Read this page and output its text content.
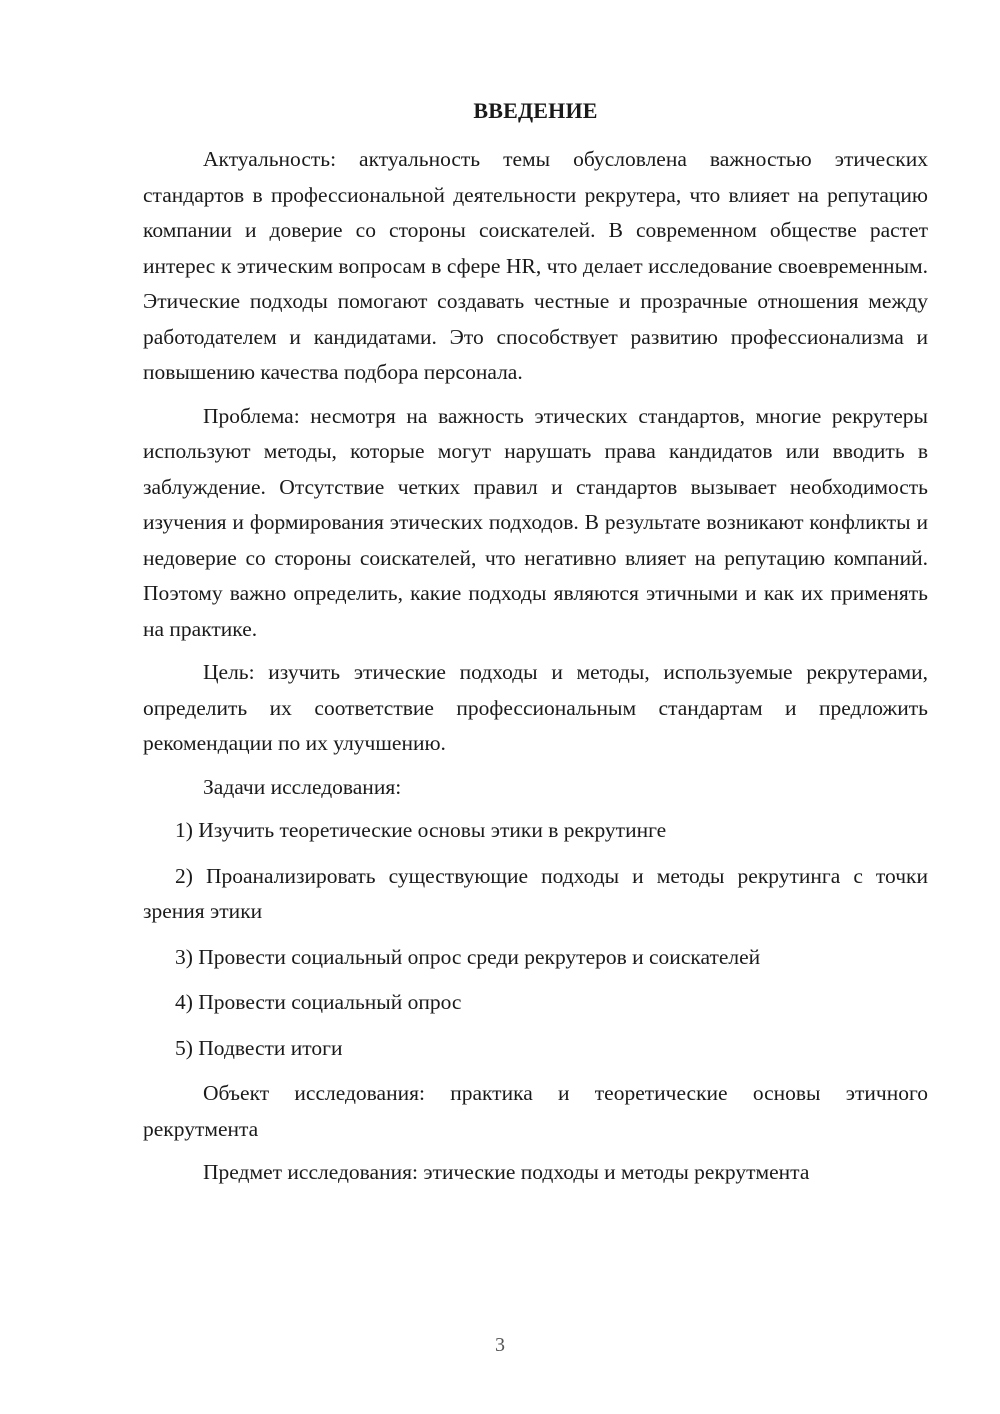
ВВЕДЕНИЕ

Актуальность: актуальность темы обусловлена важностью этических стандартов в профессиональной деятельности рекрутера, что влияет на репутацию компании и доверие со стороны соискателей. В современном обществе растет интерес к этическим вопросам в сфере HR, что делает исследование своевременным. Этические подходы помогают создавать честные и прозрачные отношения между работодателем и кандидатами. Это способствует развитию профессионализма и повышению качества подбора персонала.

Проблема: несмотря на важность этических стандартов, многие рекрутеры используют методы, которые могут нарушать права кандидатов или вводить в заблуждение. Отсутствие четких правил и стандартов вызывает необходимость изучения и формирования этических подходов. В результате возникают конфликты и недоверие со стороны соискателей, что негативно влияет на репутацию компаний. Поэтому важно определить, какие подходы являются этичными и как их применять на практике.

Цель: изучить этические подходы и методы, используемые рекрутерами, определить их соответствие профессиональным стандартам и предложить рекомендации по их улучшению.

Задачи исследования:

1) Изучить теоретические основы этики в рекрутинге

2) Проанализировать существующие подходы и методы рекрутинга с точки зрения этики

3) Провести социальный опрос среди рекрутеров и соискателей

4) Провести социальный опрос

5) Подвести итоги

Объект исследования: практика и теоретические основы этичного рекрутмента

Предмет исследования: этические подходы и методы рекрутмента

3
